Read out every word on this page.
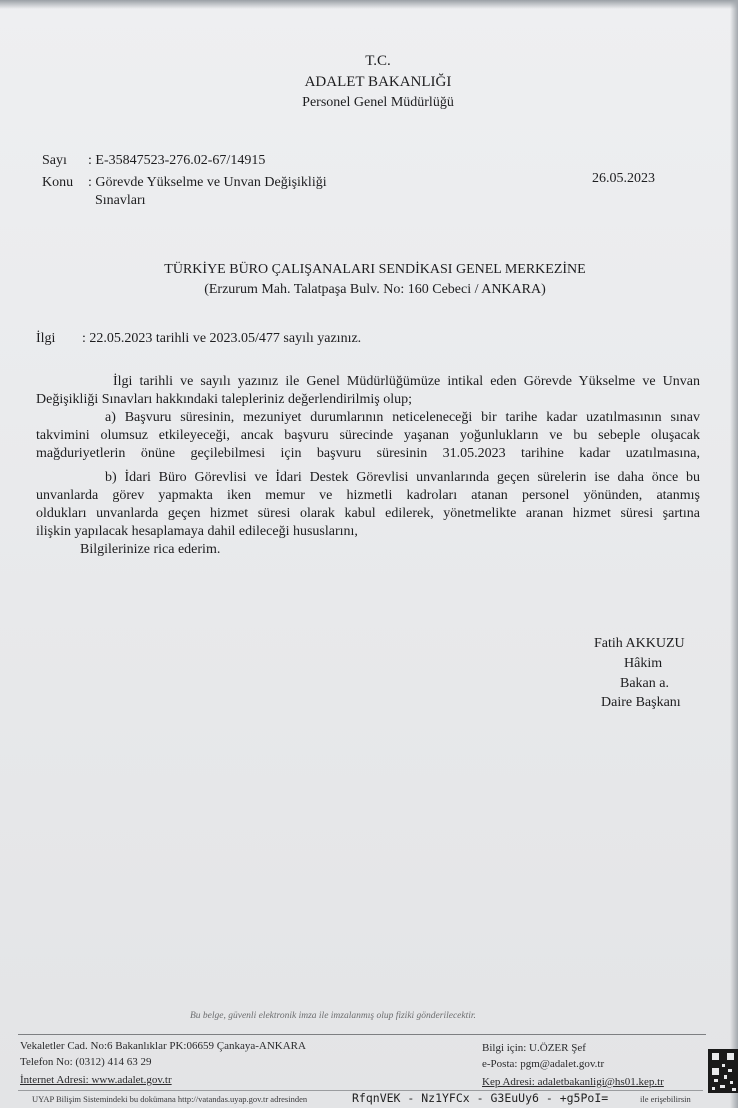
T.C.
ADALET BAKANLIĞI
Personel Genel Müdürlüğü
Sayı : E-35847523-276.02-67/14915
Konu : Görevde Yükselme ve Unvan Değişikliği
Sınavları
26.05.2023
TÜRKİYE BÜRO ÇALIŞANALARI SENDİKASI GENEL MERKEZİNE
(Erzurum Mah. Talatpaşa Bulv. No: 160 Cebeci / ANKARA)
İlgi : 22.05.2023 tarihli ve 2023.05/477 sayılı yazınız.
İlgi tarihli ve sayılı yazınız ile Genel Müdürlüğümüze intikal eden Görevde Yükselme ve Unvan
Değişikliği Sınavları hakkındaki talepleriniz değerlendirilmiş olup;
a) Başvuru süresinin, mezuniyet durumlarının neticeleneceği bir tarihe kadar uzatılmasının sınav
takvimini olumsuz etkileyeceği, ancak başvuru sürecinde yaşanan yoğunlukların ve bu sebeple oluşacak
mağduriyetlerin önüne geçilebilmesi için başvuru süresinin 31.05.2023 tarihine kadar uzatılmasına,
b) İdari Büro Görevlisi ve İdari Destek Görevlisi unvanlarında geçen sürelerin ise daha önce bu
unvanlarda görev yapmakta iken memur ve hizmetli kadroları atanan personel yönünden, atanmış
oldukları unvanlarda geçen hizmet süresi olarak kabul edilerek, yönetmelikte aranan hizmet süresi şartına
ilişkin yapılacak hesaplamaya dahil edileceği hususlarını,
Bilgilerinize rica ederim.
Fatih AKKUZU
Hâkim
Bakan a.
Daire Başkanı
Bu belge, güvenli elektronik imza ile imzalanmış olup fiziki gönderilecektir.
Vekaletler Cad. No:6 Bakanlıklar PK:06659 Çankaya-ANKARA
Telefon No: (0312) 414 63 29
İnternet Adresi: www.adalet.gov.tr
Bilgi için: U.ÖZER Şef
e-Posta: pgm@adalet.gov.tr
Kep Adresi: adaletbakanligi@hs01.kep.tr
UYAP Bilişim Sistemindeki bu dokümana http://vatandas.uyap.gov.tr adresinden	RfqnVEK - Nz1YFCx - G3EuUy6 - +g5PoI=	ile erişebilirsin
